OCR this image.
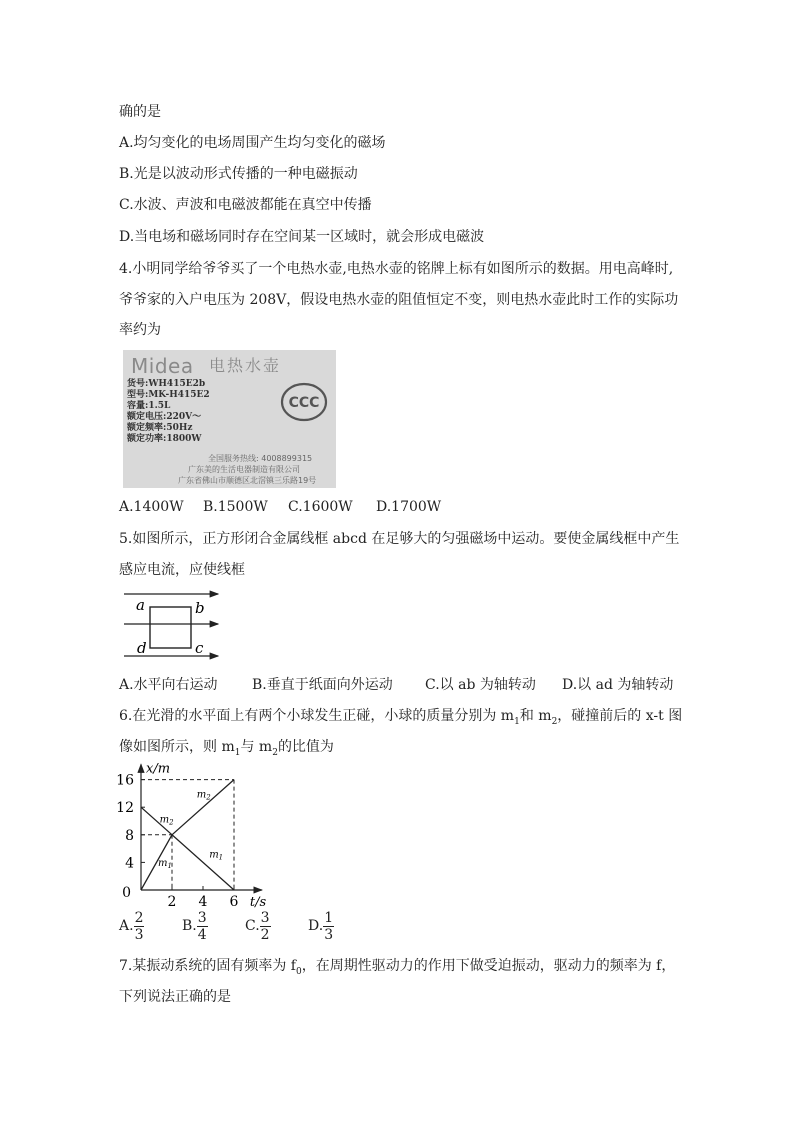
确的是
A.均匀变化的电场周围产生均匀变化的磁场
B.光是以波动形式传播的一种电磁振动
C.水波、声波和电磁波都能在真空中传播
D.当电场和磁场同时存在空间某一区域时，就会形成电磁波
4.小明同学给爷爷买了一个电热水壶,电热水壶的铭牌上标有如图所示的数据。用电高峰时,
爷爷家的入户电压为 208V，假设电热水壶的阻值恒定不变，则电热水壶此时工作的实际功
率约为
Midea 电热水壶
货号:WH415E2b
型号:MK-H415E2
容量:1.5L
额定电压:220V～
额定频率:50Hz
额定功率:1800W
CCC
全国服务热线: 4008899315
广东美的生活电器制造有限公司
广东省佛山市顺德区北滘镇三乐路19号
A.1400W B.1500W C.1600W D.1700W
5.如图所示，正方形闭合金属线框 abcd 在足够大的匀强磁场中运动。要使金属线框中产生
感应电流，应使线框
a	b
c
d
A.水平向右运动 B.垂直于纸面向外运动 C.以 ab 为轴转动 D.以 ad 为轴转动
6.在光滑的水平面上有两个小球发生正碰，小球的质量分别为 $m_1$和 $m_2$，碰撞前后的 x-t 图
像如图所示，则 $m_1$与 $m_2$的比值为
x/m
t/s
4
8
12
16
0
2 4 6
$m_1$
$m_2$
$m_2$
$m_1$
A. $\frac{2}{3}$	B. $\frac{3}{4}$	C. $\frac{3}{2}$	D. $\frac{1}{3}$
7.某振动系统的固有频率为 $f_0$，在周期性驱动力的作用下做受迫振动，驱动力的频率为 f，
下列说法正确的是
